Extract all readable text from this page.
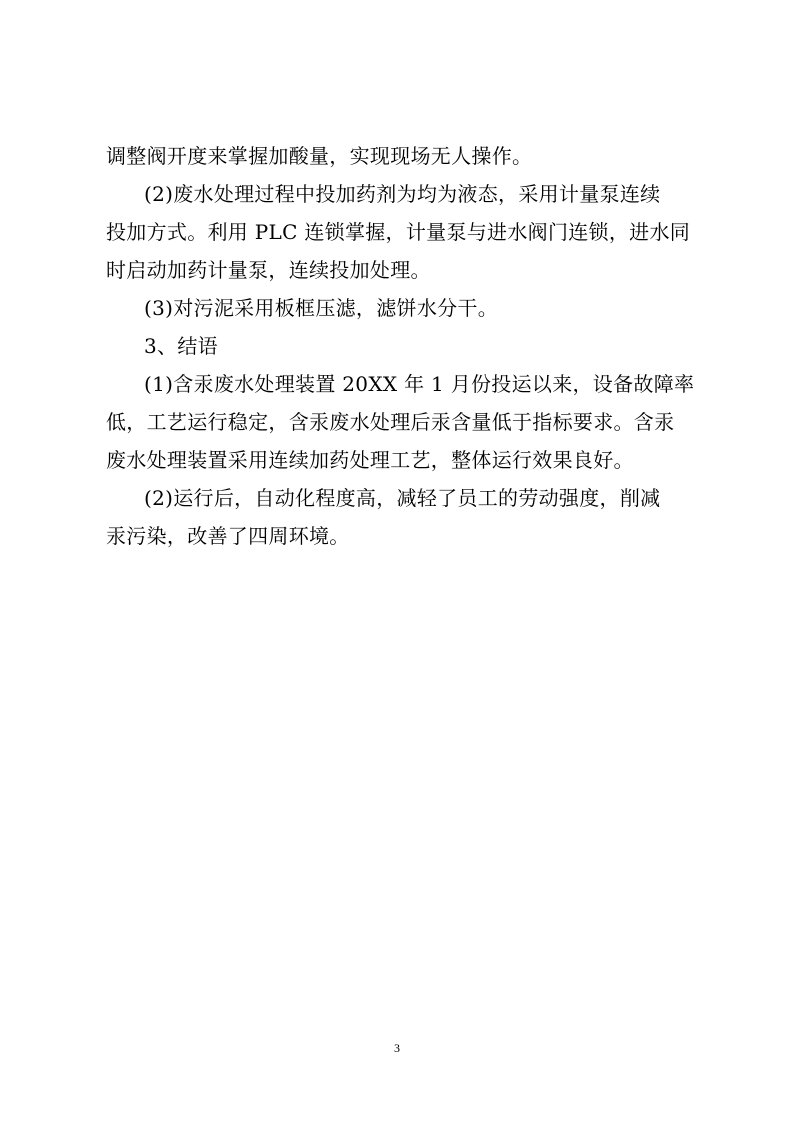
调整阀开度来掌握加酸量，实现现场无人操作。
(2)废水处理过程中投加药剂为均为液态，采用计量泵连续
投加方式。利用 PLC 连锁掌握，计量泵与进水阀门连锁，进水同
时启动加药计量泵，连续投加处理。
(3)对污泥采用板框压滤，滤饼水分干。
3、结语
(1)含汞废水处理装置 20XX 年 1 月份投运以来，设备故障率
低，工艺运行稳定，含汞废水处理后汞含量低于指标要求。含汞
废水处理装置采用连续加药处理工艺，整体运行效果良好。
(2)运行后，自动化程度高，减轻了员工的劳动强度，削减
汞污染，改善了四周环境。
3
